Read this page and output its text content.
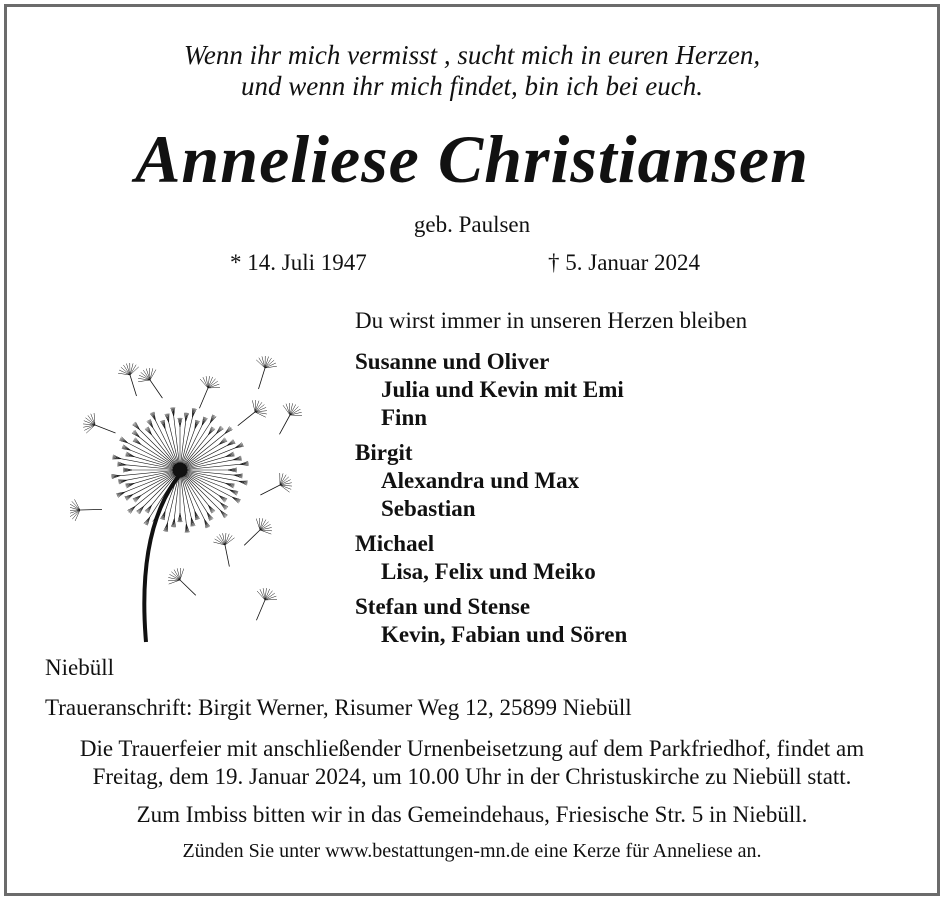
Wenn ihr mich vermisst , sucht mich in euren Herzen,
und wenn ihr mich findet, bin ich bei euch.
Anneliese Christiansen
geb. Paulsen
* 14. Juli 1947	† 5. Januar 2024
Du wirst immer in unseren Herzen bleiben
Susanne und Oliver
Julia und Kevin mit Emi
Finn
Birgit
Alexandra und Max
Sebastian
Michael
Lisa, Felix und Meiko
Stefan und Stense
Kevin, Fabian und Sören
Niebüll
Traueranschrift: Birgit Werner, Risumer Weg 12, 25899 Niebüll
Die Trauerfeier mit anschließender Urnenbeisetzung auf dem Parkfriedhof, findet am
Freitag, dem 19. Januar 2024, um 10.00 Uhr in der Christuskirche zu Niebüll statt.
Zum Imbiss bitten wir in das Gemeindehaus, Friesische Str. 5 in Niebüll.
Zünden Sie unter www.bestattungen-mn.de eine Kerze für Anneliese an.
